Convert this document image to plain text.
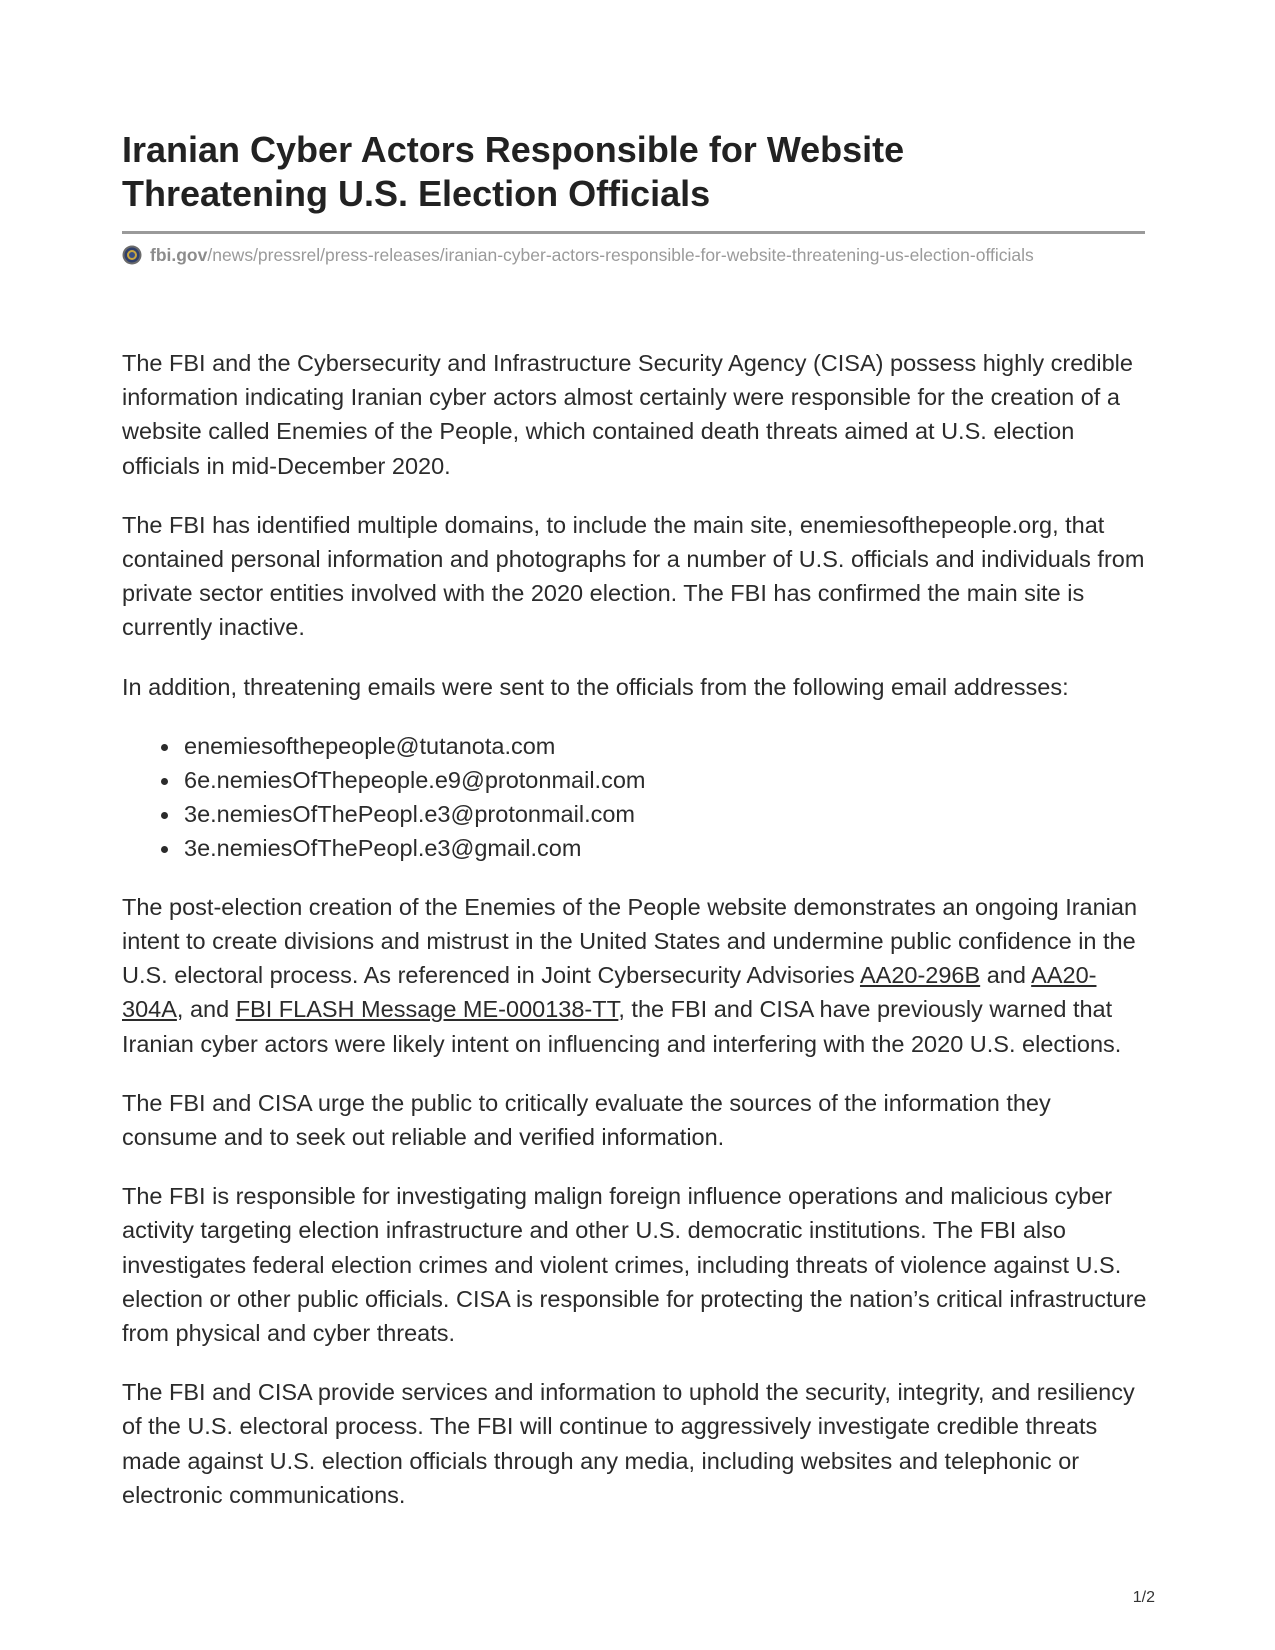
Iranian Cyber Actors Responsible for Website
Threatening U.S. Election Officials
fbi.gov /news/pressrel/press-releases/iranian-cyber-actors-responsible-for-website-threatening-us-election-officials

The FBI and the Cybersecurity and Infrastructure Security Agency (CISA) possess highly credible information indicating Iranian cyber actors almost certainly were responsible for the creation of a website called Enemies of the People, which contained death threats aimed at U.S. election officials in mid-December 2020.

The FBI has identified multiple domains, to include the main site, enemiesofthepeople.org, that contained personal information and photographs for a number of U.S. officials and individuals from private sector entities involved with the 2020 election. The FBI has confirmed the main site is currently inactive.

In addition, threatening emails were sent to the officials from the following email addresses:

enemiesofthepeople@tutanota.com
6e.nemiesOfThepeople.e9@protonmail.com
3e.nemiesOfThePeopl.e3@protonmail.com
3e.nemiesOfThePeopl.e3@gmail.com

The post-election creation of the Enemies of the People website demonstrates an ongoing Iranian intent to create divisions and mistrust in the United States and undermine public confidence in the U.S. electoral process. As referenced in Joint Cybersecurity Advisories AA20-296B and AA20-304A, and FBI FLASH Message ME-000138-TT, the FBI and CISA have previously warned that Iranian cyber actors were likely intent on influencing and interfering with the 2020 U.S. elections.

The FBI and CISA urge the public to critically evaluate the sources of the information they consume and to seek out reliable and verified information.

The FBI is responsible for investigating malign foreign influence operations and malicious cyber activity targeting election infrastructure and other U.S. democratic institutions. The FBI also investigates federal election crimes and violent crimes, including threats of violence against U.S. election or other public officials. CISA is responsible for protecting the nation’s critical infrastructure from physical and cyber threats.

The FBI and CISA provide services and information to uphold the security, integrity, and resiliency of the U.S. electoral process. The FBI will continue to aggressively investigate credible threats made against U.S. election officials through any media, including websites and telephonic or electronic communications.

1/2
